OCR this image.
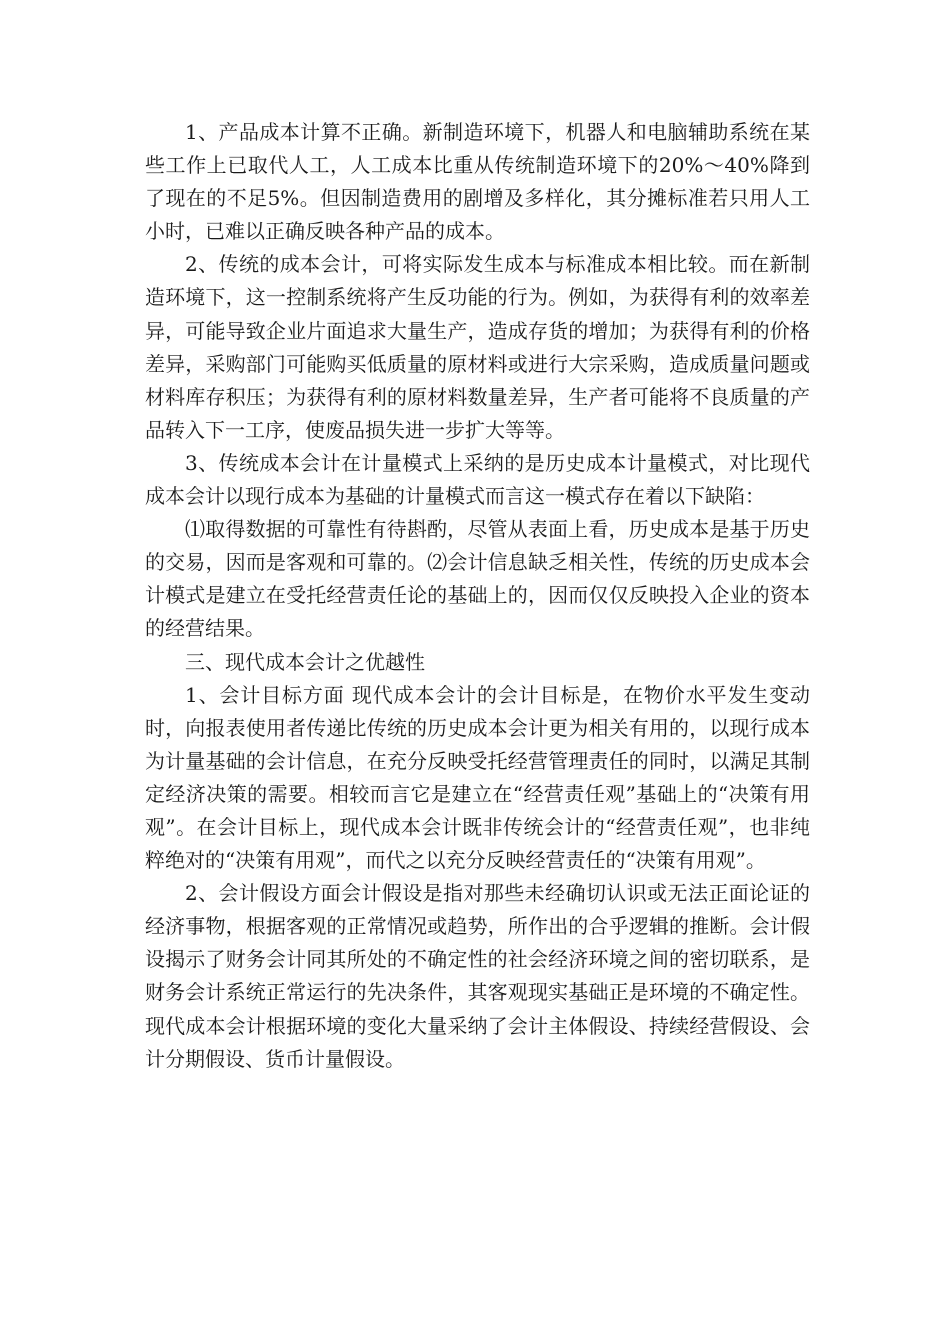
1、产品成本计算不正确。新制造环境下，机器人和电脑辅助系统在某些工作上已取代人工，人工成本比重从传统制造环境下的20%～40%降到了现在的不足5%。但因制造费用的剧增及多样化，其分摊标准若只用人工小时，已难以正确反映各种产品的成本。

2、传统的成本会计，可将实际发生成本与标准成本相比较。而在新制造环境下，这一控制系统将产生反功能的行为。例如，为获得有利的效率差异，可能导致企业片面追求大量生产，造成存货的增加；为获得有利的价格差异，采购部门可能购买低质量的原材料或进行大宗采购，造成质量问题或材料库存积压；为获得有利的原材料数量差异，生产者可能将不良质量的产品转入下一工序，使废品损失进一步扩大等等。

3、传统成本会计在计量模式上采纳的是历史成本计量模式，对比现代成本会计以现行成本为基础的计量模式而言这一模式存在着以下缺陷：

⑴取得数据的可靠性有待斟酌，尽管从表面上看，历史成本是基于历史的交易，因而是客观和可靠的。⑵会计信息缺乏相关性，传统的历史成本会计模式是建立在受托经营责任论的基础上的，因而仅仅反映投入企业的资本的经营结果。

三、现代成本会计之优越性

1、会计目标方面 现代成本会计的会计目标是，在物价水平发生变动时，向报表使用者传递比传统的历史成本会计更为相关有用的，以现行成本为计量基础的会计信息，在充分反映受托经营管理责任的同时，以满足其制定经济决策的需要。相较而言它是建立在“经营责任观”基础上的“决策有用观”。在会计目标上，现代成本会计既非传统会计的“经营责任观”，也非纯粹绝对的“决策有用观”，而代之以充分反映经营责任的“决策有用观”。

2、会计假设方面会计假设是指对那些未经确切认识或无法正面论证的经济事物，根据客观的正常情况或趋势，所作出的合乎逻辑的推断。会计假设揭示了财务会计同其所处的不确定性的社会经济环境之间的密切联系，是财务会计系统正常运行的先决条件，其客观现实基础正是环境的不确定性。现代成本会计根据环境的变化大量采纳了会计主体假设、持续经营假设、会计分期假设、货币计量假设。
